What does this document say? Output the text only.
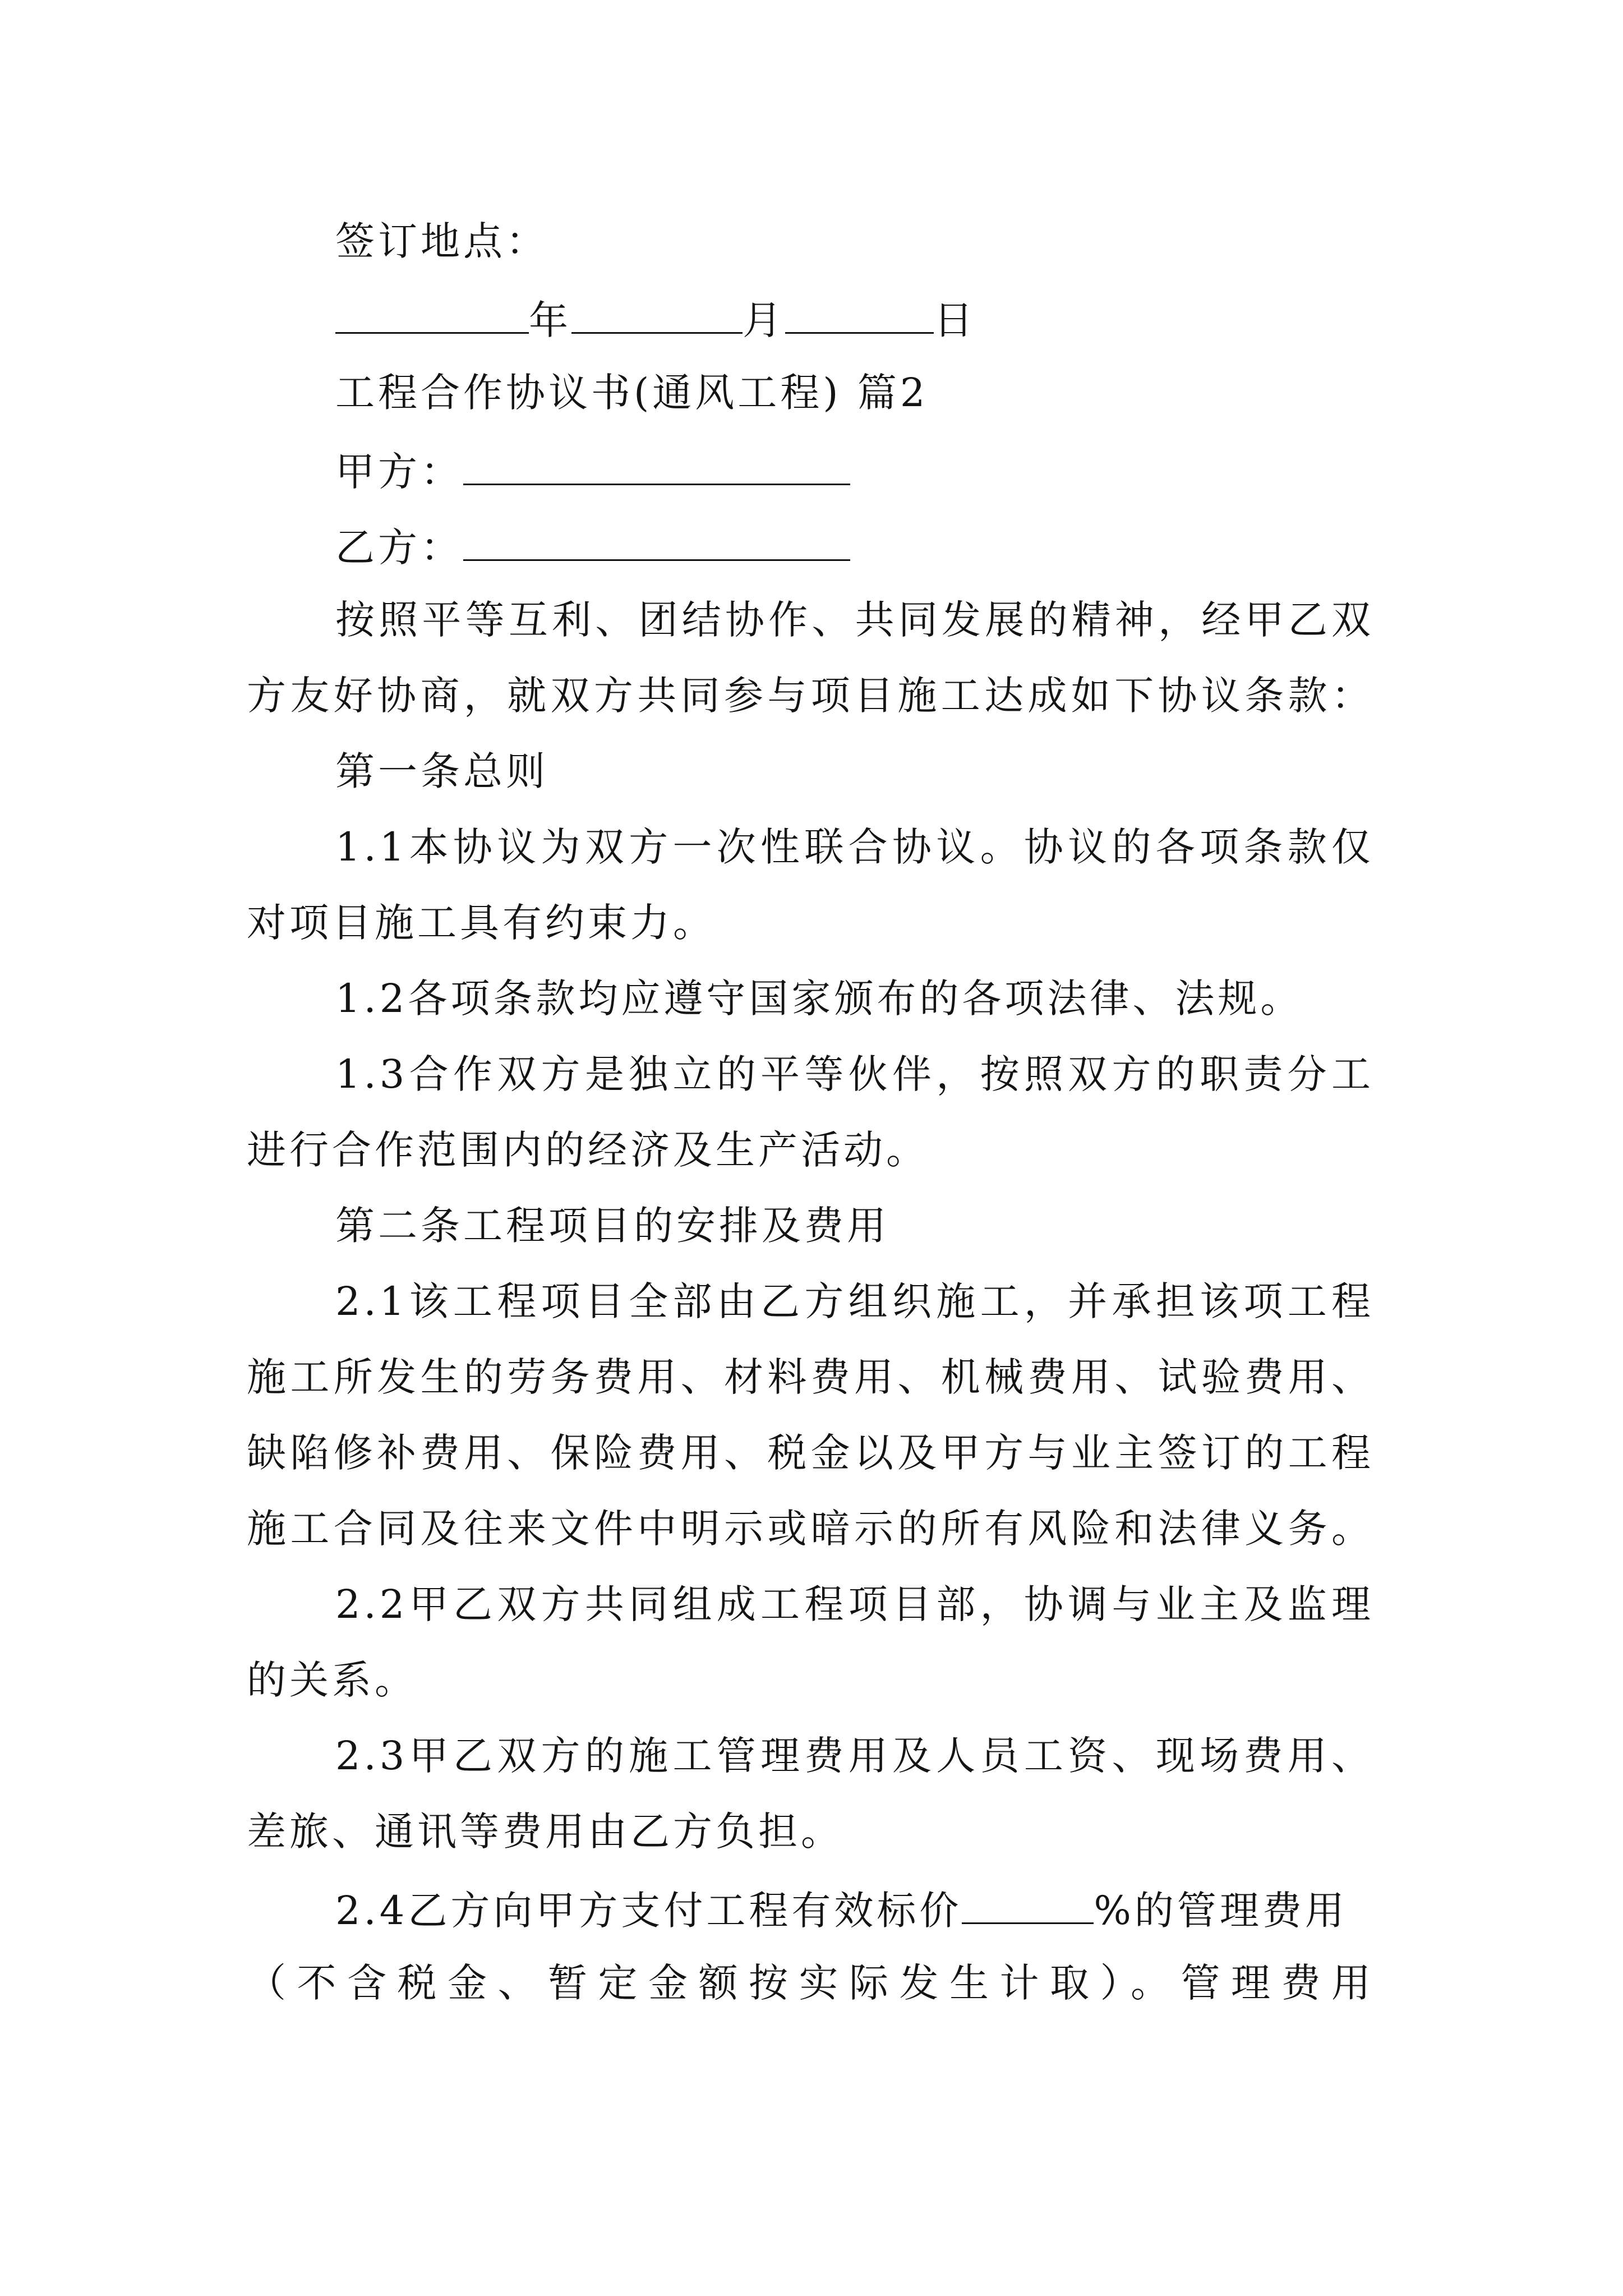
签订地点：
年	月	日
工程合作协议书(通风工程) 篇2
甲方：
乙方：
按照平等互利、团结协作、共同发展的精神，经甲乙双
方友好协商，就双方共同参与项目施工达成如下协议条款：
第一条总则
1.1本协议为双方一次性联合协议。协议的各项条款仅
对项目施工具有约束力。
1.2各项条款均应遵守国家颁布的各项法律、法规。
1.3合作双方是独立的平等伙伴，按照双方的职责分工
进行合作范围内的经济及生产活动。
第二条工程项目的安排及费用
2.1该工程项目全部由乙方组织施工，并承担该项工程
施工所发生的劳务费用、材料费用、机械费用、试验费用、
缺陷修补费用、保险费用、税金以及甲方与业主签订的工程
施工合同及往来文件中明示或暗示的所有风险和法律义务。
2.2甲乙双方共同组成工程项目部，协调与业主及监理
的关系。
2.3甲乙双方的施工管理费用及人员工资、现场费用、
差旅、通讯等费用由乙方负担。
2.4乙方向甲方支付工程有效标价	%的管理费用
（不含税金、暂定金额按实际发生计取）。管理费用
